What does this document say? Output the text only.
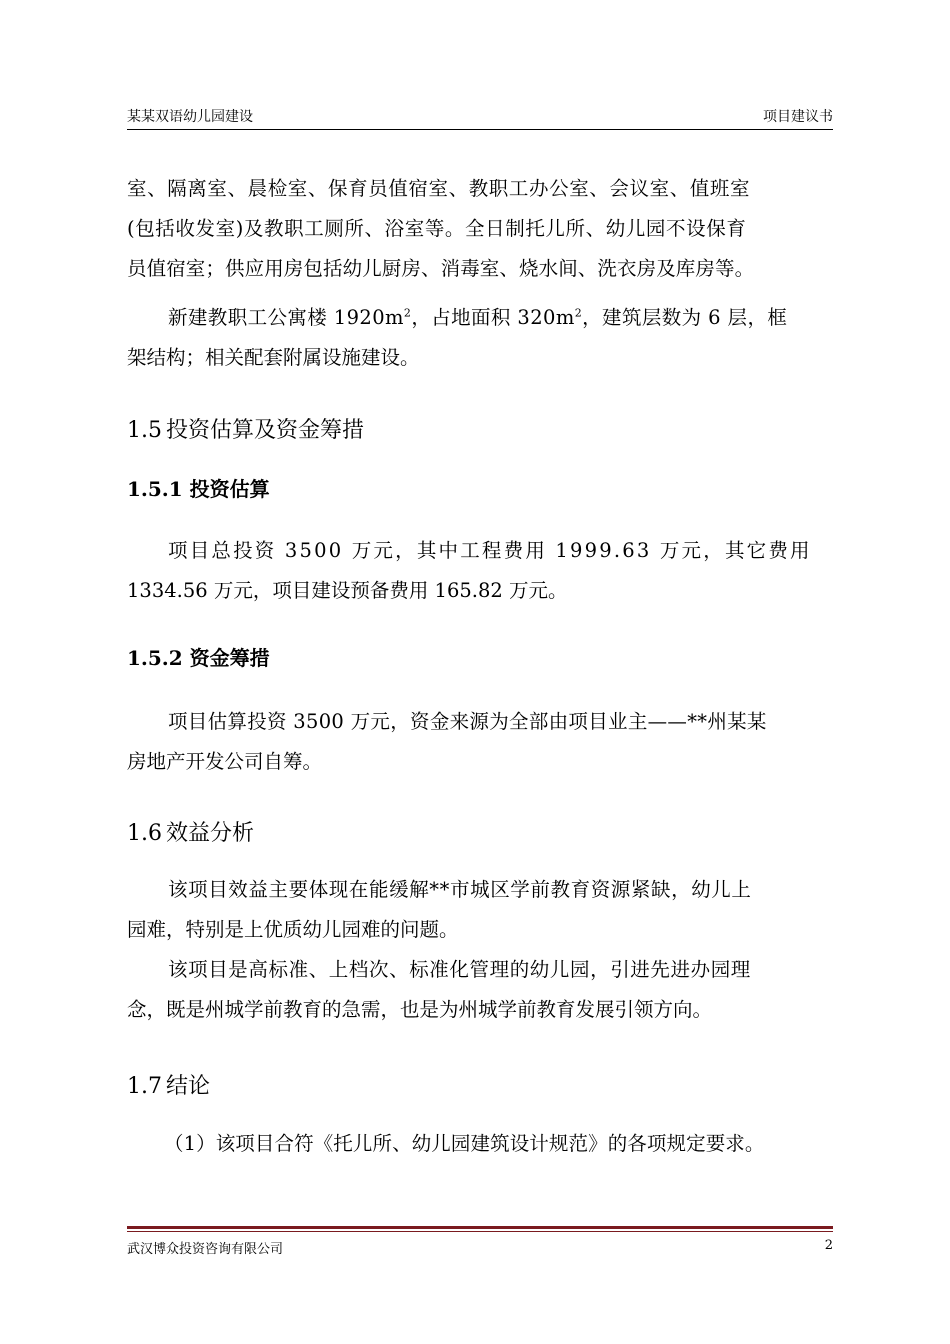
某某双语幼儿园建设	项目建议书
室、隔离室、晨检室、保育员值宿室、教职工办公室、会议室、值班室
(包括收发室)及教职工厕所、浴室等。全日制托儿所、幼儿园不设保育
员值宿室；供应用房包括幼儿厨房、消毒室、烧水间、洗衣房及库房等。
新建教职工公寓楼 $1920m^2$，占地面积 $320m^2$，建筑层数为 6 层，框
架结构；相关配套附属设施建设。
1.5 投资估算及资金筹措
1.5.1 投资估算
项目总投资 3500 万元，其中工程费用 1999.63 万元，其它费用
1334.56 万元，项目建设预备费用 165.82 万元。
1.5.2 资金筹措
项目估算投资 3500 万元，资金来源为全部由项目业主——**州某某
房地产开发公司自筹。
1.6 效益分析
该项目效益主要体现在能缓解**市城区学前教育资源紧缺，幼儿上
园难，特别是上优质幼儿园难的问题。
该项目是高标准、上档次、标准化管理的幼儿园，引进先进办园理
念，既是州城学前教育的急需，也是为州城学前教育发展引领方向。
1.7 结论
（1）该项目合符《托儿所、幼儿园建筑设计规范》的各项规定要求。
武汉博众投资咨询有限公司	2
